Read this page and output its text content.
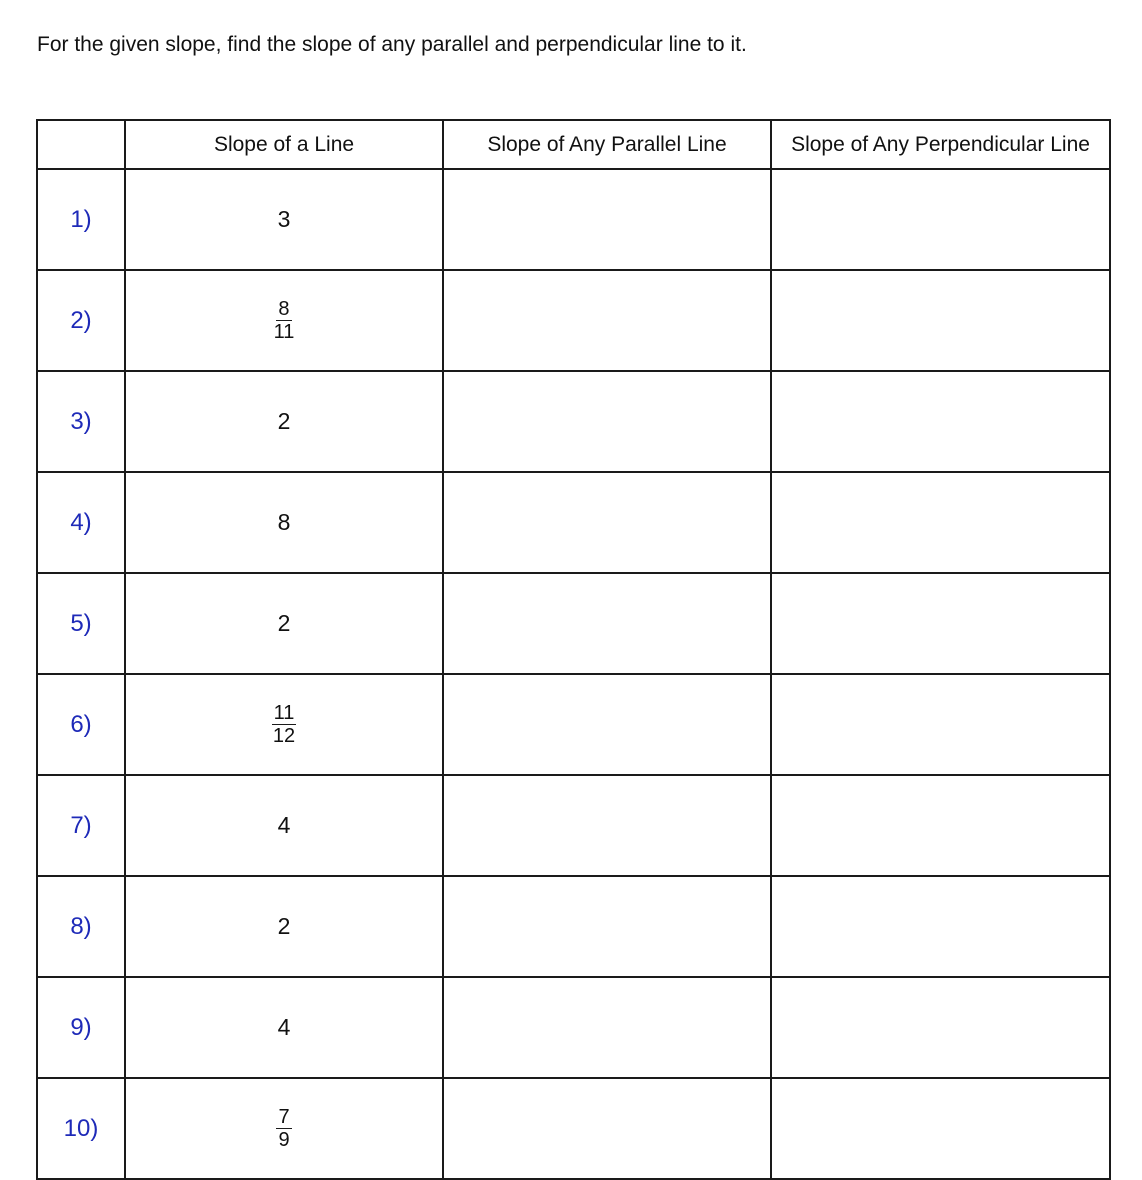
For the given slope, find the slope of any parallel and perpendicular line to it.
	Slope of a Line	Slope of Any Parallel Line	Slope of Any Perpendicular Line
1)	3		
2)	$\frac{8}{11}$

3)	2		
4)	8		
5)	2		
6)	$\frac{11}{12}$

7)	4		
8)	2		
9)	4		
10)	$\frac{7}{9}$
